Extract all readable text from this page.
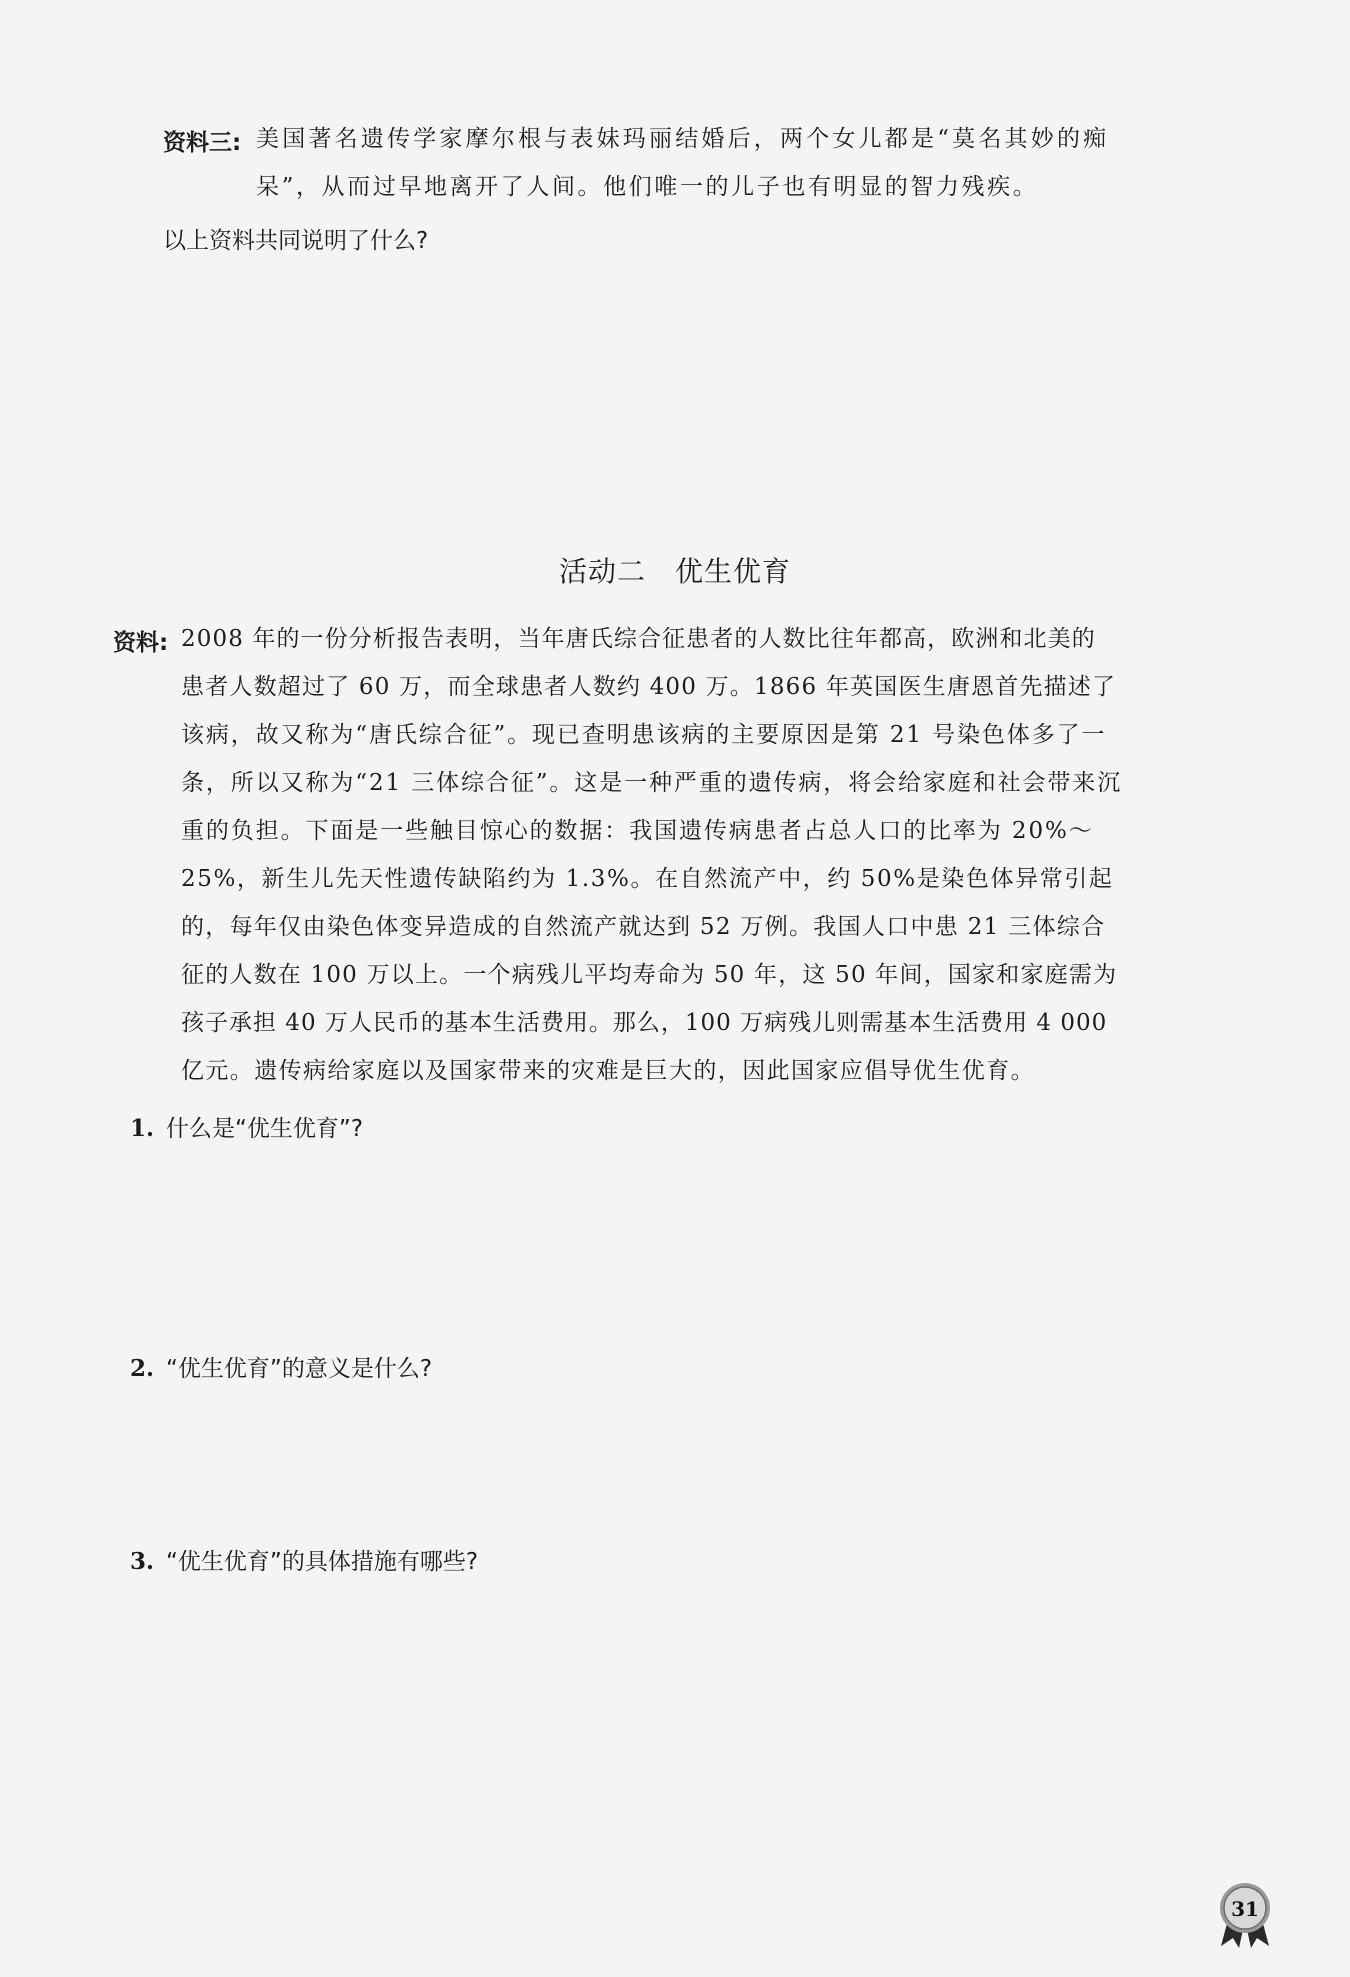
资料三: 美国著名遗传学家摩尔根与表妹玛丽结婚后，两个女儿都是“莫名其妙的痴
呆”，从而过早地离开了人间。他们唯一的儿子也有明显的智力残疾。
以上资料共同说明了什么?
活动二　优生优育
资料: 2008 年的一份分析报告表明，当年唐氏综合征患者的人数比往年都高，欧洲和北美的
患者人数超过了 60 万，而全球患者人数约 400 万。1866 年英国医生唐恩首先描述了
该病，故又称为“唐氏综合征”。现已查明患该病的主要原因是第 21 号染色体多了一
条，所以又称为“21 三体综合征”。这是一种严重的遗传病，将会给家庭和社会带来沉
重的负担。下面是一些触目惊心的数据：我国遗传病患者占总人口的比率为 20%～
25%，新生儿先天性遗传缺陷约为 1.3%。在自然流产中，约 50%是染色体异常引起
的，每年仅由染色体变异造成的自然流产就达到 52 万例。我国人口中患 21 三体综合
征的人数在 100 万以上。一个病残儿平均寿命为 50 年，这 50 年间，国家和家庭需为
孩子承担 40 万人民币的基本生活费用。那么，100 万病残儿则需基本生活费用 4 000
亿元。遗传病给家庭以及国家带来的灾难是巨大的，因此国家应倡导优生优育。
1. 什么是“优生优育”?
2. “优生优育”的意义是什么?
3. “优生优育”的具体措施有哪些?
31
